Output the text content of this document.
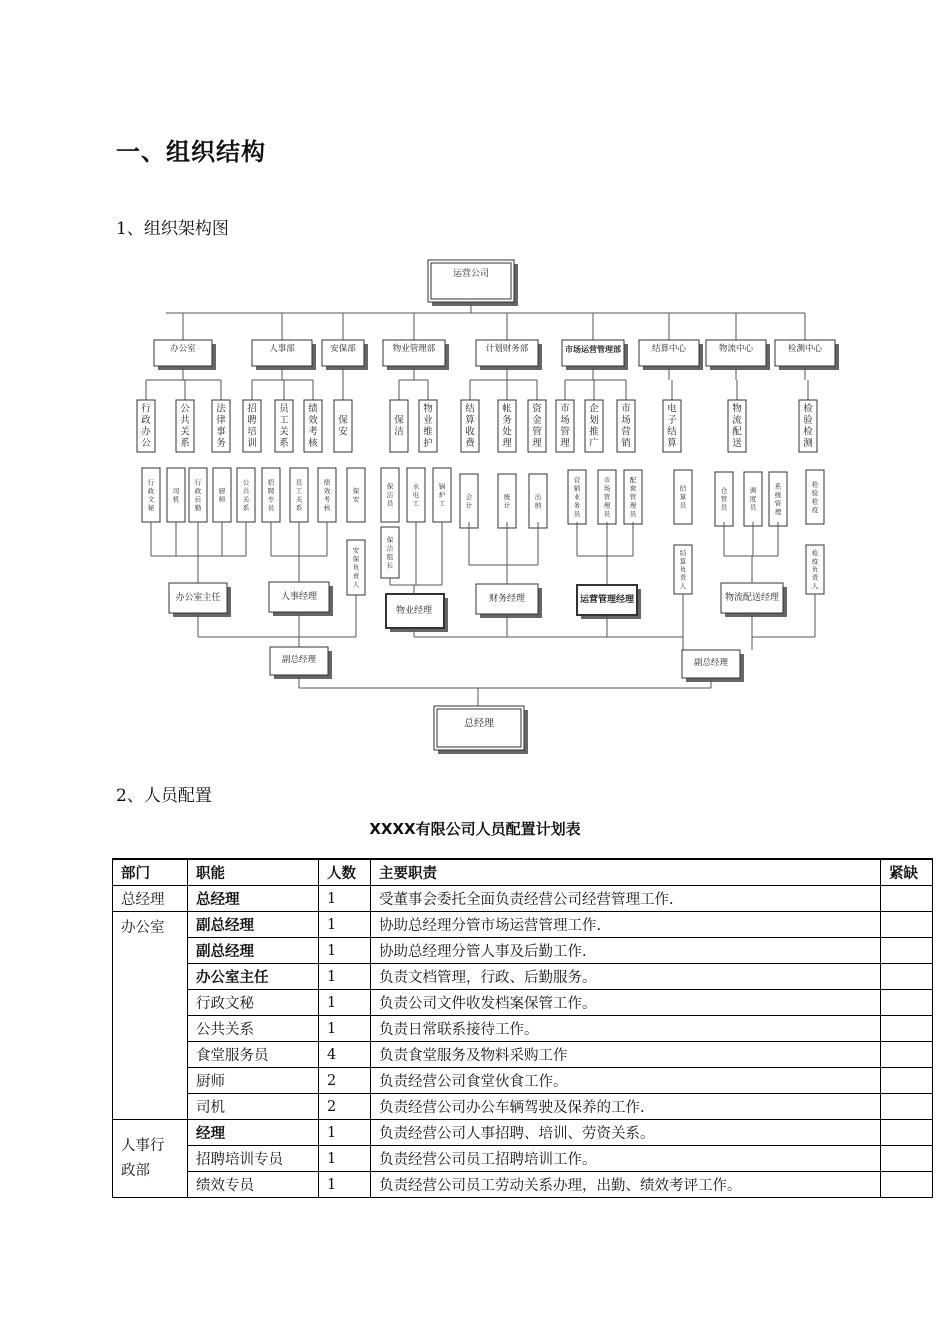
一、组织结构
1、组织架构图
运营公司
办公室	人事部	安保部	物业管理部	计划财务部	市场运营管理部	结算中心	物流中心	检测中心
行
政
办
公
公
共
关
系
法
律
事
务
招
聘
培
训
员
工
关
系
绩
效
考
核
保
安
保
洁
物
业
维
护
结
算
收
费
帐
务
处
理
资
金
管
理
市
场
管
理
企
划
推
广
市
场
营
销
电
子
结
算
物
流
配
送
检
验
检
测
行
政
文
秘
司
机
行
政
后
勤
厨
师
公
共
关
系
招
聘
专
员
员
工
关
系
绩
效
考
核
保
安
保
洁
员
水
电
工
锅
炉
工
会
计
统
计
出
纳
营
销
业
务
员
市
场
管
理
员
配
套
管
理
员
结
算
员
仓
管
员
调
度
员
系
统
管
理
检
验
检
疫
安
保
负
责
人
保
洁
组
长
结
算
负
责
人
检
疫
负
责
人
办公室主任	人事经理
物业经理
财务经理	运营管理经理	物流配送经理
副总经理	副总经理
总经理
2、人员配置
XXXX有限公司人员配置计划表
部门	职能	人数	主要职责	紧缺
总经理	总经理	1	受董事会委托全面负责经营公司经营管理工作.	
办公室	副总经理	1	协助总经理分管市场运营管理工作.	
	副总经理	1	协助总经理分管人事及后勤工作.	
	办公室主任	1	负责文档管理，行政、后勤服务。	
	行政文秘	1	负责公司文件收发档案保管工作。	
	公共关系	1	负责日常联系接待工作。	
	食堂服务员	4	负责食堂服务及物料采购工作	
	厨师	2	负责经营公司食堂伙食工作。	
	司机	2	负责经营公司办公车辆驾驶及保养的工作.	

人事行政部	经理	1	负责经营公司人事招聘、培训、劳资关系。	
	招聘培训专员	1	负责经营公司员工招聘培训工作。	
	绩效专员	1	负责经营公司员工劳动关系办理，出勤、绩效考评工作。	
